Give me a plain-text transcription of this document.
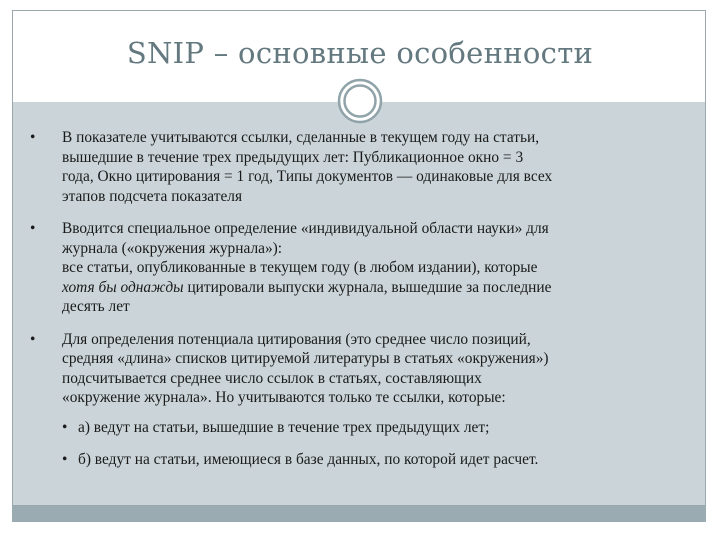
SNIP – основные особенности
•	В показателе учитываются ссылки, сделанные в текущем году на статьи,
вышедшие в течение трех предыдущих лет: Публикационное окно = 3
года, Окно цитирования = 1 год, Типы документов — одинаковые для всех
этапов подсчета показателя
•	Вводится специальное определение «индивидуальной области науки» для
журнала («окружения журнала»):
все статьи, опубликованные в текущем году (в любом издании), которые
хотя бы однажды цитировали выпуски журнала, вышедшие за последние
десять лет
•	Для определения потенциала цитирования (это среднее число позиций,
средняя «длина» списков цитируемой литературы в статьях «окружения»)
подсчитывается среднее число ссылок в статьях, составляющих
«окружение журнала». Но учитываются только те ссылки, которые:
• а) ведут на статьи, вышедшие в течение трех предыдущих лет;
• б) ведут на статьи, имеющиеся в базе данных, по которой идет расчет.
